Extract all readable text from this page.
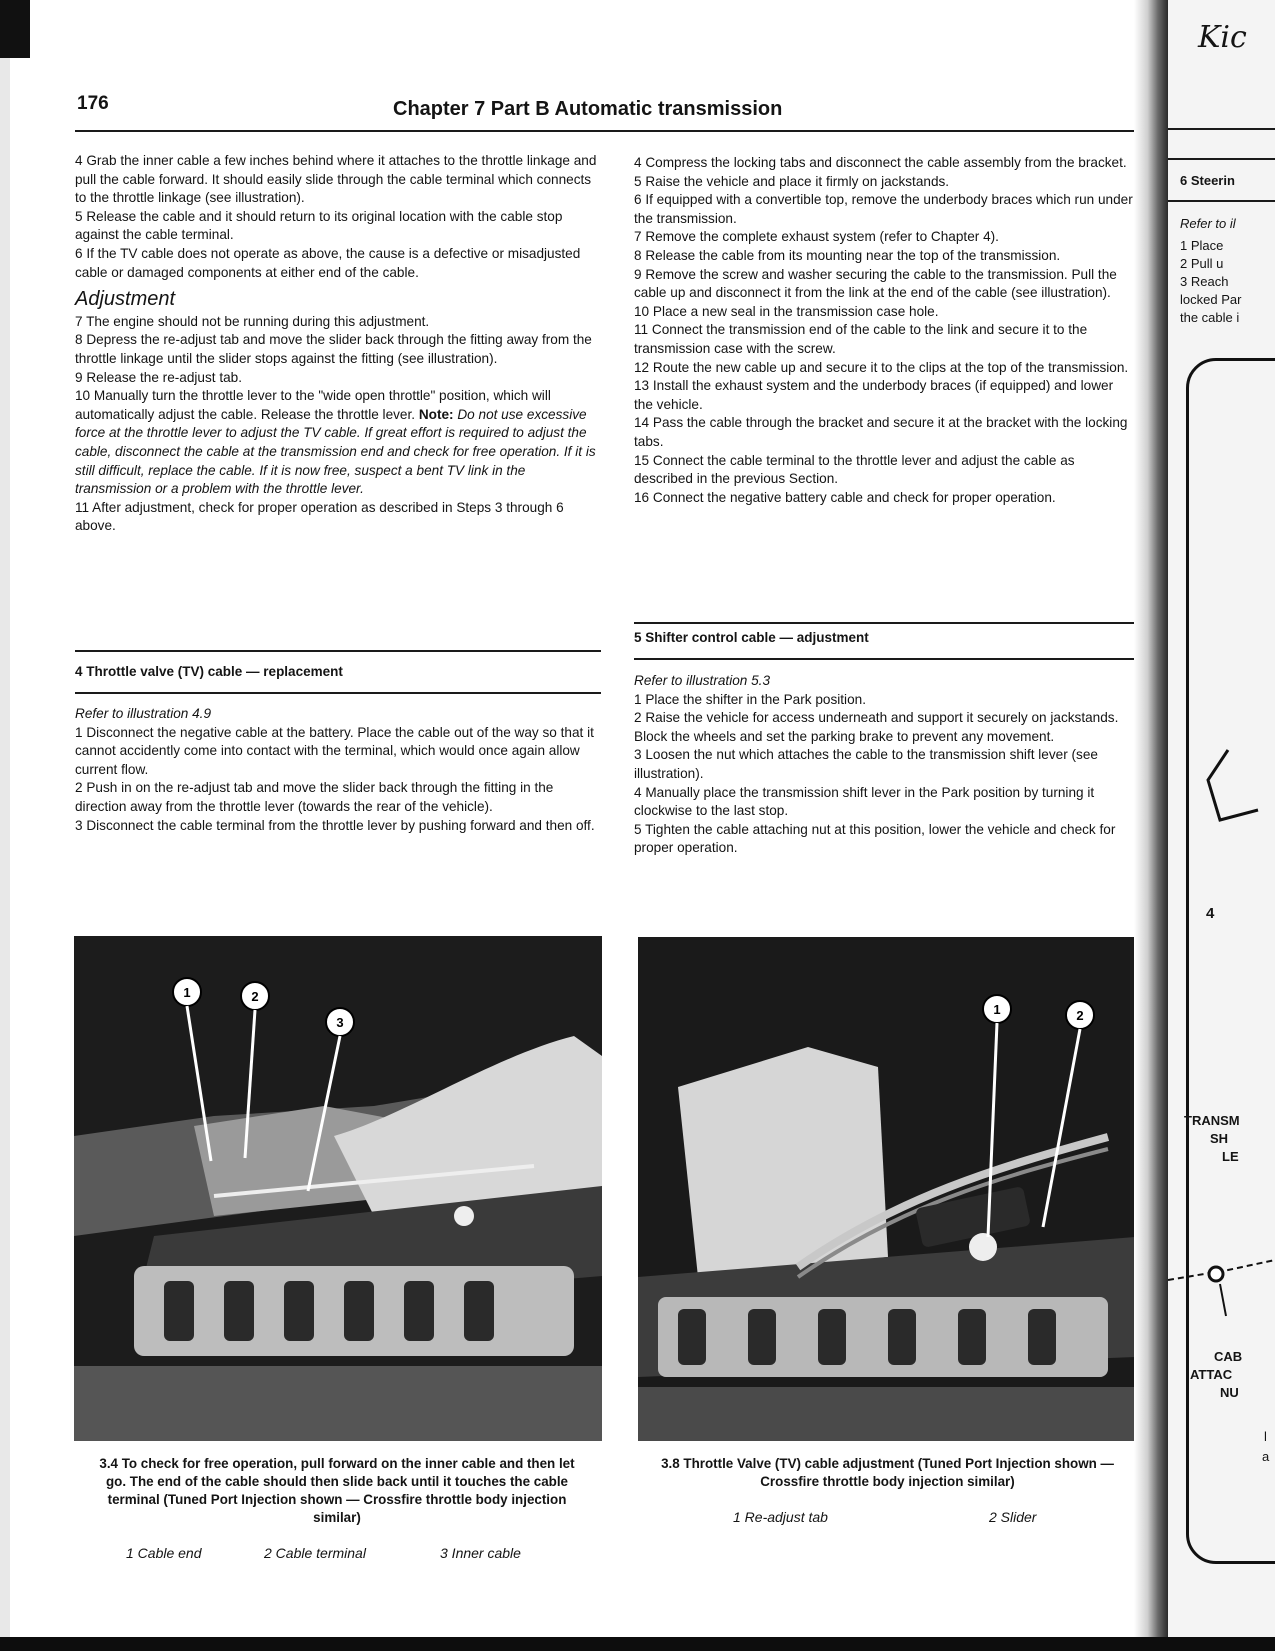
176	Chapter 7 Part B Automatic transmission

4 Grab the inner cable a few inches behind where it attaches to the throttle linkage and pull the cable forward. It should easily slide through the cable terminal which connects to the throttle linkage (see illustration).

5 Release the cable and it should return to its original location with the cable stop against the cable terminal.

6 If the TV cable does not operate as above, the cause is a defective or misadjusted cable or damaged components at either end of the cable.

Adjustment

7 The engine should not be running during this adjustment.

8 Depress the re-adjust tab and move the slider back through the fitting away from the throttle linkage until the slider stops against the fitting (see illustration).

9 Release the re-adjust tab.

10 Manually turn the throttle lever to the "wide open throttle" position, which will automatically adjust the cable. Release the throttle lever. Note: Do not use excessive force at the throttle lever to adjust the TV cable. If great effort is required to adjust the cable, disconnect the cable at the transmission end and check for free operation. If it is still difficult, replace the cable. If it is now free, suspect a bent TV link in the transmission or a problem with the throttle lever.

11 After adjustment, check for proper operation as described in Steps 3 through 6 above.

4 Throttle valve (TV) cable — replacement

Refer to illustration 4.9

1 Disconnect the negative cable at the battery. Place the cable out of the way so that it cannot accidently come into contact with the terminal, which would once again allow current flow.

2 Push in on the re-adjust tab and move the slider back through the fitting in the direction away from the throttle lever (towards the rear of the vehicle).

3 Disconnect the cable terminal from the throttle lever by pushing forward and then off.

4 Compress the locking tabs and disconnect the cable assembly from the bracket.

5 Raise the vehicle and place it firmly on jackstands.

6 If equipped with a convertible top, remove the underbody braces which run under the transmission.

7 Remove the complete exhaust system (refer to Chapter 4).

8 Release the cable from its mounting near the top of the transmission.

9 Remove the screw and washer securing the cable to the transmission. Pull the cable up and disconnect it from the link at the end of the cable (see illustration).

10 Place a new seal in the transmission case hole.

11 Connect the transmission end of the cable to the link and secure it to the transmission case with the screw.

12 Route the new cable up and secure it to the clips at the top of the transmission.

13 Install the exhaust system and the underbody braces (if equipped) and lower the vehicle.

14 Pass the cable through the bracket and secure it at the bracket with the locking tabs.

15 Connect the cable terminal to the throttle lever and adjust the cable as described in the previous Section.

16 Connect the negative battery cable and check for proper operation.

5 Shifter control cable — adjustment

Refer to illustration 5.3

1 Place the shifter in the Park position.

2 Raise the vehicle for access underneath and support it securely on jackstands. Block the wheels and set the parking brake to prevent any movement.

3 Loosen the nut which attaches the cable to the transmission shift lever (see illustration).

4 Manually place the transmission shift lever in the Park position by turning it clockwise to the last stop.

5 Tighten the cable attaching nut at this position, lower the vehicle and check for proper operation.

1	2
3
3.4 To check for free operation, pull forward on the inner cable and then let go. The end of the cable should then slide back until it touches the cable terminal (Tuned Port Injection shown — Crossfire throttle body injection similar)
1 Cable end	2 Cable terminal	3 Inner cable
1	2
3.8 Throttle Valve (TV) cable adjustment (Tuned Port Injection shown — Crossfire throttle body injection similar)
1 Re-adjust tab	2 Slider
Kic
6 Steerin
Refer to il
1 Place
2 Pull u
3 Reach
locked Par
the cable i
4
TRANSM
SH
LE
CAB
ATTAC
NU
l
a
